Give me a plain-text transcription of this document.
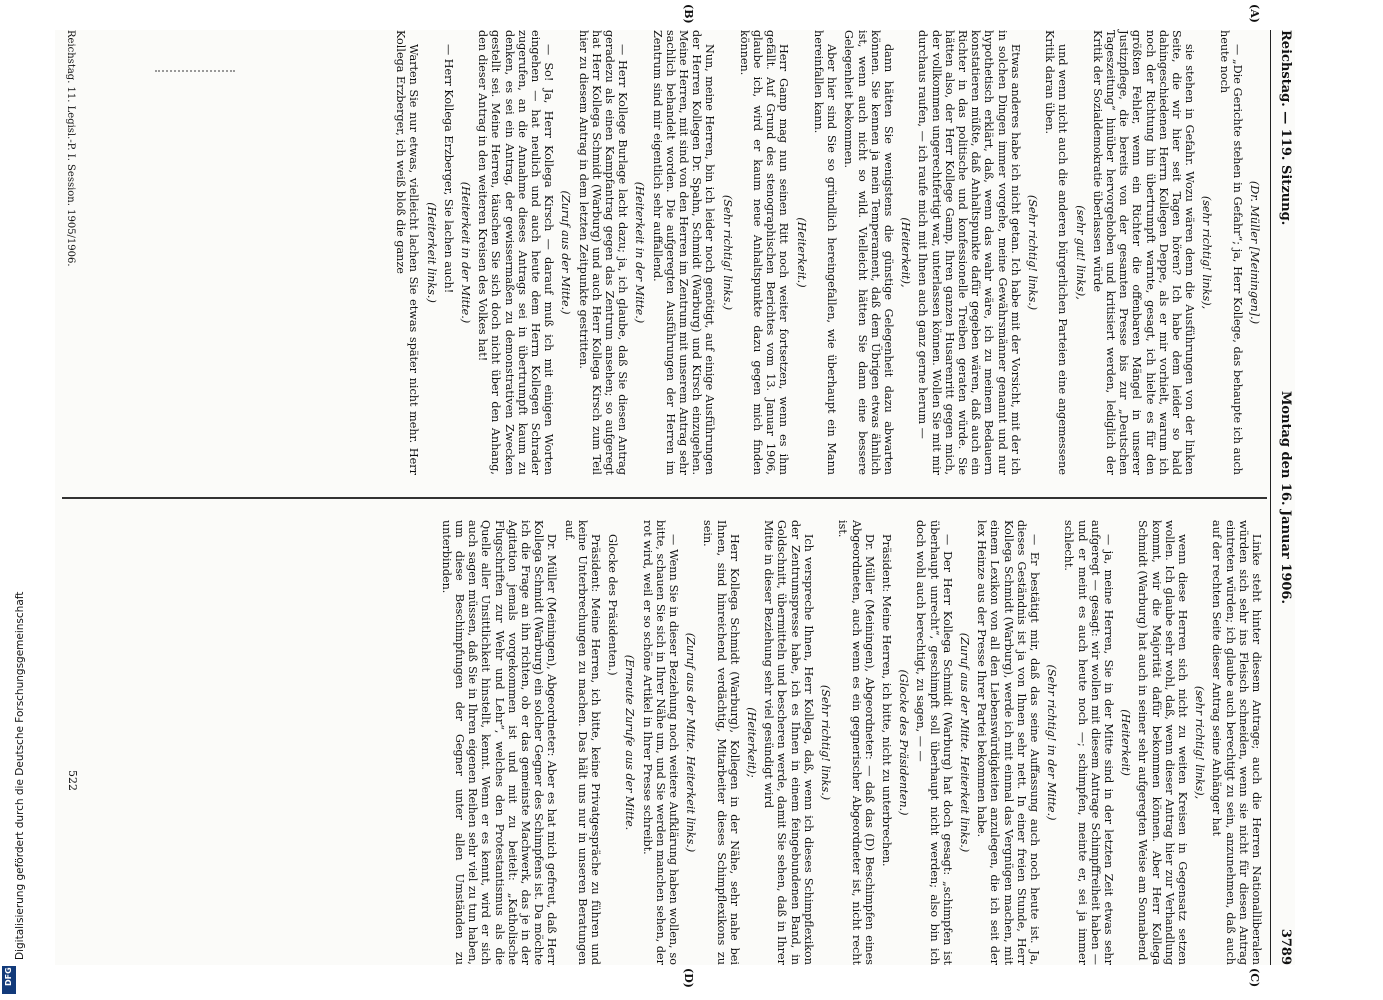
Digitalisierung gefördert durch die Deutsche Forschungsgemeinschaft
DFG
Reichstag. — 119. Sitzung.
Montag den 16. Januar 1906.
3789
(A)
(B)
(C)
(D)

(Dr. Müller [Meiningen].)

— „Die Gerichte stehen in Gefahr“; ja, Herr Kollege, das behaupte ich auch heute noch

(sehr richtig! links),

sie stehen in Gefahr. Wozu wären denn die Ausführungen von der linken Seite, die wir hier seit Tagen hören? Ich habe dem leider so bald dahingeschiedenen Herrn Kollegen Deppe, als er mir vorhielt, warum ich noch der Richtung hin übertrumpft warnte, gesagt, ich hielte es für den größten Fehler, wenn ein Richter die offenbaren Mängel in unserer Justizpflege, die bereits von der gesamten Presse bis zur „Deutschen Tageszeitung“ hinüber hervorgehoben und kritisiert werden, lediglich der Kritik der Sozialdemokratie überlassen würde

(sehr gut! links),

und wenn nicht auch die anderen bürgerlichen Parteien eine angemessene Kritik daran üben.

(Sehr richtig! links.)

Etwas anderes habe ich nicht getan. Ich habe mit der Vorsicht, mit der ich in solchen Dingen immer vorgehe, meine Gewährsmänner genannt und nur hypothetisch erklärt, daß, wenn das wahr wäre, ich zu meinem Bedauern konstatieren müßte, daß Anhaltspunkte dafür gegeben wären, daß auch ein Richter in das politische und konfessionelle Treiben geraten würde. Sie hätten also, der Herr Kollege Gamp, Ihren ganzen Husarenritt gegen mich, der vollkommen ungerechtfertigt war, unterlassen können. Wollen Sie mit mir durchaus raufen, — ich raufe mich mit Ihnen auch ganz gerne herum —

(Heiterkeit),

dann hätten Sie wenigstens die günstige Gelegenheit dazu abwarten können. Sie kennen ja mein Temperament, daß dem Übrigen etwas ähnlich ist, wenn auch nicht so wild. Vielleicht hätten Sie dann eine bessere Gelegenheit bekommen.

Aber hier sind Sie so gründlich hereingefallen, wie überhaupt ein Mann hereinfallen kann.

(Heiterkeit.)

Herr Gamp mag nun seinen Ritt noch weiter fortsetzen, wenn es ihm gefällt. Auf Grund des stenographischen Berichtes vom 13. Januar 1906, glaube ich, wird er kaum neue Anhaltspunkte dazu gegen mich finden können.

(Sehr richtig! links.)

Nun, meine Herren, bin ich leider noch genötigt, auf einige Ausführungen der Herren Kollegen Dr. Spahn, Schmidt (Warburg) und Kirsch einzugehen. Meine Herren, mit sind von den Herren im Zentrum mit unserem Antrag sehr sachlich behandelt worden. Die aufgeregten Ausführungen der Herren im Zentrum sind mir eigentlich sehr auffallend.

(Heiterkeit in der Mitte.)

— Herr Kollege Burlage lacht dazu; ja, ich glaube, daß Sie diesen Antrag geradezu als einen Kampfantrag gegen das Zentrum ansehen; so aufgeregt hat Herr Kollega Schmidt (Warburg) und auch Herr Kollega Kirsch zum Teil hier zu diesem Antrag in dem letzten Zeitpunkte gestritten.

(Zuruf aus der Mitte.)

— So! Ja, Herr Kollega Kirsch — darauf muß ich mit einigen Worten eingehen — hat neulich und auch heute dem Herrn Kollegen Schrader zugerufen, an die Annahme dieses Antrags sei in übertrumpft kaum zu denken, es sei ein Antrag, der gewissermaßen zu demonstrativen Zwecken gestellt sei. Meine Herren, täuschen Sie sich doch nicht über den Anhang, den dieser Antrag in den weiteren Kreisen des Volkes hat!

(Heiterkeit in der Mitte.)

— Herr Kollega Erzberger, Sie lachen auch!

(Heiterkeit links.)

Warten Sie nur etwas, vielleicht lachen Sie etwas später nicht mehr. Herr Kollega Erzberger, ich weiß bloß die ganze

Linke steht hinter diesem Antrage; auch die Herren Nationalliberalen würden sich sehr ins Fleisch schneiden, wenn sie nicht für diesen Antrag eintreten würden; ich glaube auch berechtigt zu sein, anzunehmen, daß auch auf der rechten Seite dieser Antrag seine Anhänger hat

(sehr richtig! links),

wenn diese Herren sich nicht zu weiten Kreisen in Gegensatz setzen wollen. Ich glaube sehr wohl, daß, wenn dieser Antrag hier zur Verhandlung kommt, wir die Majorität dafür bekommen können. Aber Herr Kollega Schmidt (Warburg) hat auch in seiner sehr aufgeregten Weise am Sonnabend

(Heiterkeit)

— ja, meine Herren, Sie in der Mitte sind in der letzten Zeit etwas sehr aufgeregt — gesagt: wir wollen mit diesem Antrage Schimpffreiheit haben — und er meint es auch heute noch —; schimpfen, meinte er, sei ja immer schlecht.

(Sehr richtig! in der Mitte.)

— Er bestätigt mir, daß das seine Auffassung auch noch heute ist. Ja, dieses Geständnis ist ja von Ihnen sehr nett. In einer freien Stunde, Herr Kollega Schmidt (Warburg), werde ich mit einmal das Vergnügen machen, mit einem Lexikon von all den Liebenswürdigkeiten anzulegen, die ich seit der lex Heinze aus der Presse Ihrer Partei bekommen habe.

(Zuruf aus der Mitte. Heiterkeit links.)

— Der Herr Kollega Schmidt (Warburg) hat doch gesagt: „schimpfen ist überhaupt unrecht“, geschimpft soll überhaupt nicht werden; also bin ich doch wohl auch berechtigt, zu sagen, — —

(Glocke des Präsidenten.)

Präsident: Meine Herren, ich bitte, nicht zu unterbrechen.

Dr. Müller (Meiningen), Abgeordneter: — daß das (D) Beschimpfen eines Abgeordneten, auch wenn es ein gegnerischer Abgeordneter ist, nicht recht ist.

(Sehr richtig! links.)

Ich verspreche Ihnen, Herr Kollega, daß, wenn ich dieses Schimpflexikon der Zentrumspresse habe, ich es Ihnen in einem feingebundenen Band, in Goldschnitt, übermitteln und bescheren werde, damit Sie sehen, daß in Ihrer Mitte in dieser Beziehung sehr viel gesündigt wird

(Heiterkeit);

Herr Kollega Schmidt (Warburg), Kollegen in der Nähe, sehr nahe bei Ihnen, sind hinreichend verdächtig, Mitarbeiter dieses Schimpflexikons zu sein.

(Zuruf aus der Mitte. Heiterkeit links.)

— Wenn Sie in dieser Beziehung noch weitere Aufklärung haben wollen, so bitte, schauen Sie sich in Ihrer Nähe um, und Sie werden manchen sehen, der rot wird, weil er so schöne Artikel in Ihrer Presse schreibt.

(Erneute Zurufe aus der Mitte.

Glocke des Präsidenten.)

Präsident: Meine Herren, ich bitte, keine Privatgespräche zu führen und keine Unterbrechungen zu machen. Das hält uns nur in unseren Beratungen auf.

Dr. Müller (Meiningen), Abgeordneter: Aber es hat mich gefreut, daß Herr Kollega Schmidt (Warburg) ein solcher Gegner des Schimpfens ist. Da möchte ich die Frage an ihn richten, ob er das gemeinste Machwerk, das je in der Agitation jemals vorgekommen ist und mit zu beitelt: „Katholische Flugschriften zur Wehr und Lehr“, welches den Protestantismus als die Quelle aller Unsittlichkeit hinstellt, kennt. Wenn er es kennt, wird er sich auch sagen müssen, daß Sie in Ihren eigenen Reihen sehr viel zu tun haben, um diese Beschimpfungen der Gegner unter allen Umständen zu unterbinden.

Reichstag. 11. Legisl.-P. I. Session. 1905/1906.
522
